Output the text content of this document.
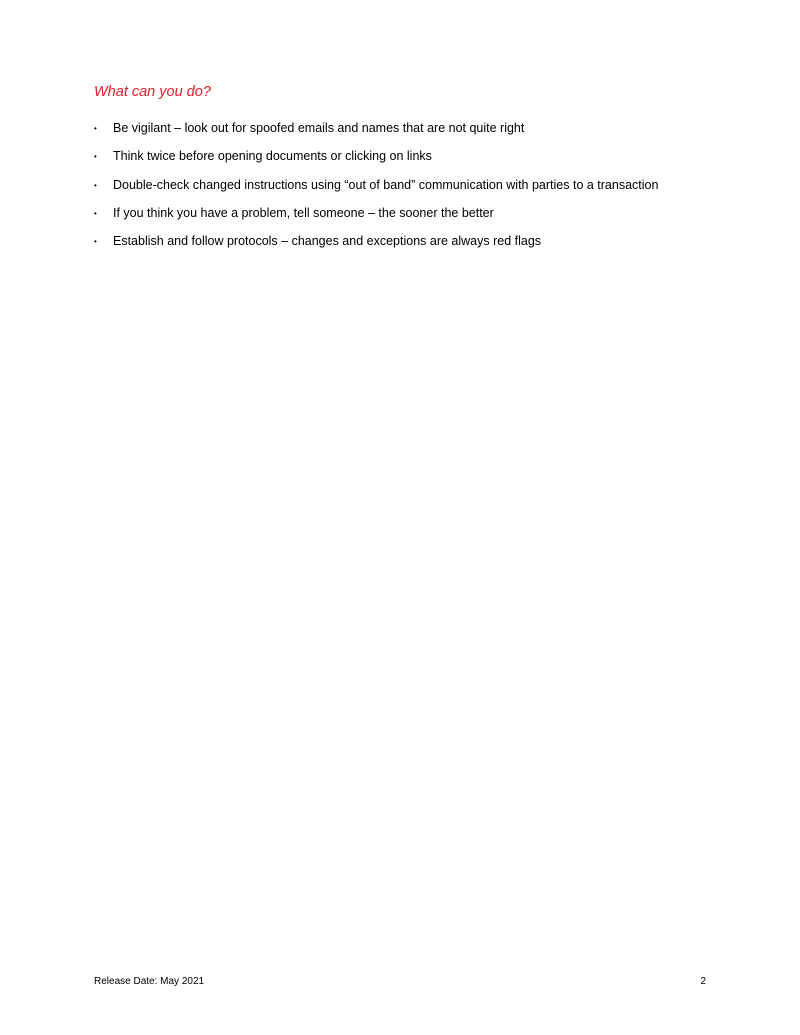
What can you do?
•	Be vigilant – look out for spoofed emails and names that are not quite right
•	Think twice before opening documents or clicking on links
•	Double-check changed instructions using “out of band” communication with parties to a transaction
•	If you think you have a problem, tell someone – the sooner the better
•	Establish and follow protocols – changes and exceptions are always red flags
Release Date: May 2021	2
